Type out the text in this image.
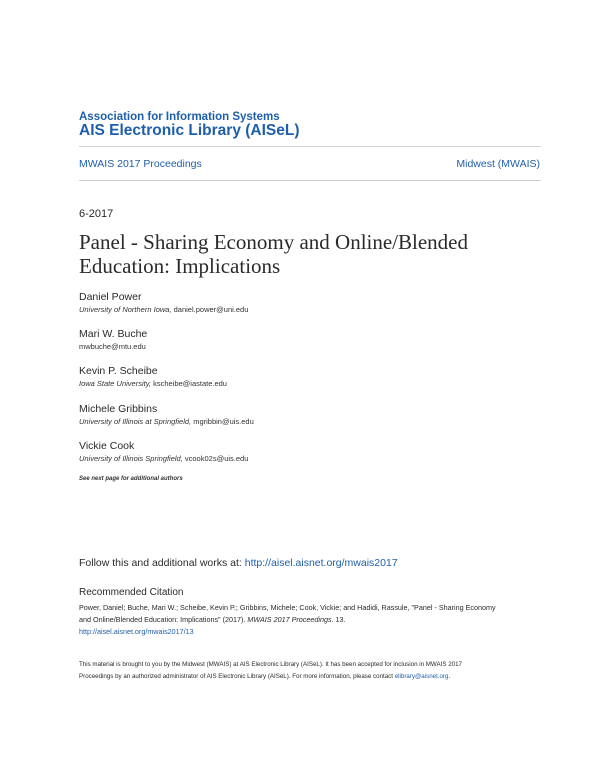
Association for Information Systems
AIS Electronic Library (AISeL)
MWAIS 2017 Proceedings	Midwest (MWAIS)
6-2017
Panel - Sharing Economy and Online/Blended Education: Implications
Daniel Power
University of Northern Iowa, daniel.power@uni.edu
Mari W. Buche
mwbuche@mtu.edu
Kevin P. Scheibe
Iowa State University, kscheibe@iastate.edu
Michele Gribbins
University of Illinois at Springfield, mgribbin@uis.edu
Vickie Cook
University of Illinois Springfield, vcook02s@uis.edu
See next page for additional authors
Follow this and additional works at: http://aisel.aisnet.org/mwais2017
Recommended Citation
Power, Daniel; Buche, Mari W.; Scheibe, Kevin P.; Gribbins, Michele; Cook, Vickie; and Hadidi, Rassule, "Panel - Sharing Economy
and Online/Blended Education: Implications" (2017). MWAIS 2017 Proceedings. 13.
http://aisel.aisnet.org/mwais2017/13
This material is brought to you by the Midwest (MWAIS) at AIS Electronic Library (AISeL). It has been accepted for inclusion in MWAIS 2017
Proceedings by an authorized administrator of AIS Electronic Library (AISeL). For more information, please contact elibrary@aisnet.org.
